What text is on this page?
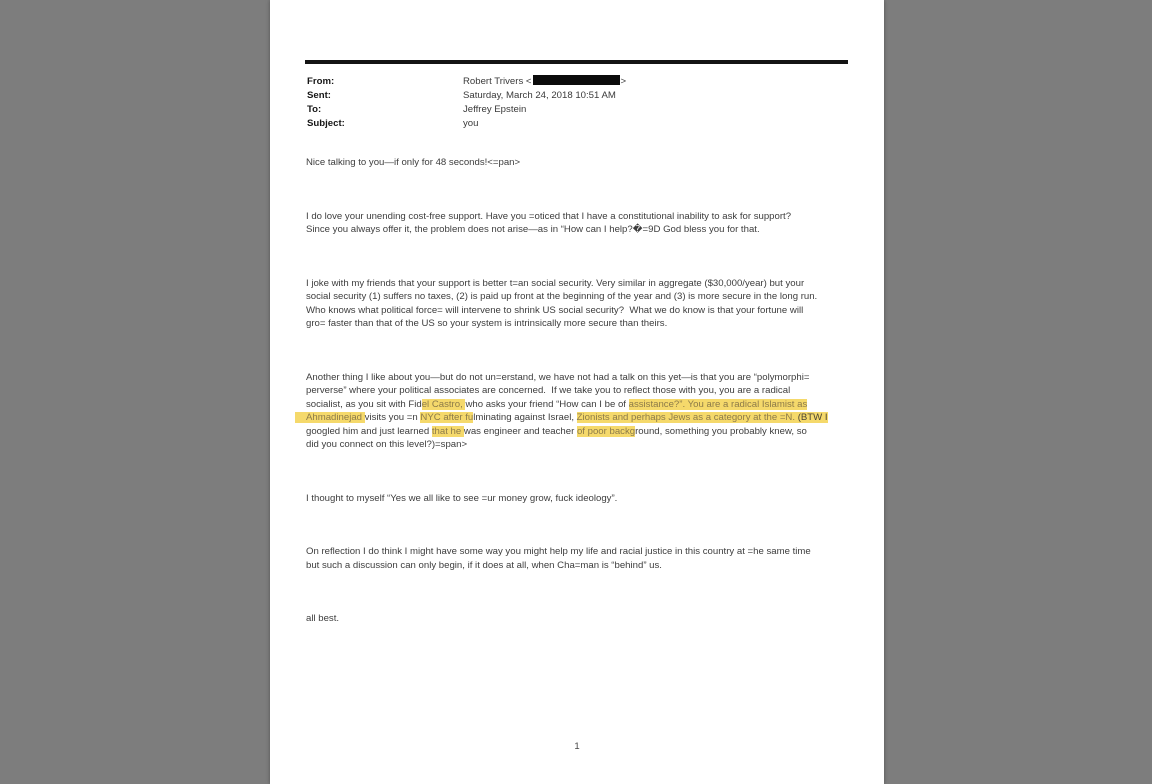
From:	Robert Trivers <	>
Sent:	Saturday, March 24, 2018 10:51 AM
To:	Jeffrey Epstein
Subject:	you
Nice talking to you—if only for 48 seconds!<=pan>
I do love your unending cost-free support. Have you =oticed that I have a constitutional inability to ask for support?
Since you always offer it, the problem does not arise—as in “How can I help?�=9D God bless you for that.
I joke with my friends that your support is better t=an social security. Very similar in aggregate ($30,000/year) but your
social security (1) suffers no taxes, (2) is paid up front at the beginning of the year and (3) is more secure in the long run.
Who knows what political force= will intervene to shrink US social security?  What we do know is that your fortune will
gro= faster than that of the US so your system is intrinsically more secure than theirs.
Another thing I like about you—but do not un=erstand, we have not had a talk on this yet—is that you are “polymorphi=
perverse” where your political associates are concerned.  If we take you to reflect those with you, you are a radical
socialist, as you sit with Fidel Castro, who asks your friend “How can I be of assistance?”. You are a radical Islamist as
Ahmadinejad visits you =n NYC after fulminating against Israel, Zionists and perhaps Jews as a category at the =N. (BTW I
googled him and just learned that he was engineer and teacher of poor background, something you probably knew, so
did you connect on this level?)=span>
I thought to myself “Yes we all like to see =ur money grow, fuck ideology”.
On reflection I do think I might have some way you might help my life and racial justice in this country at =he same time
but such a discussion can only begin, if it does at all, when Cha=man is “behind” us.
all best.
1
